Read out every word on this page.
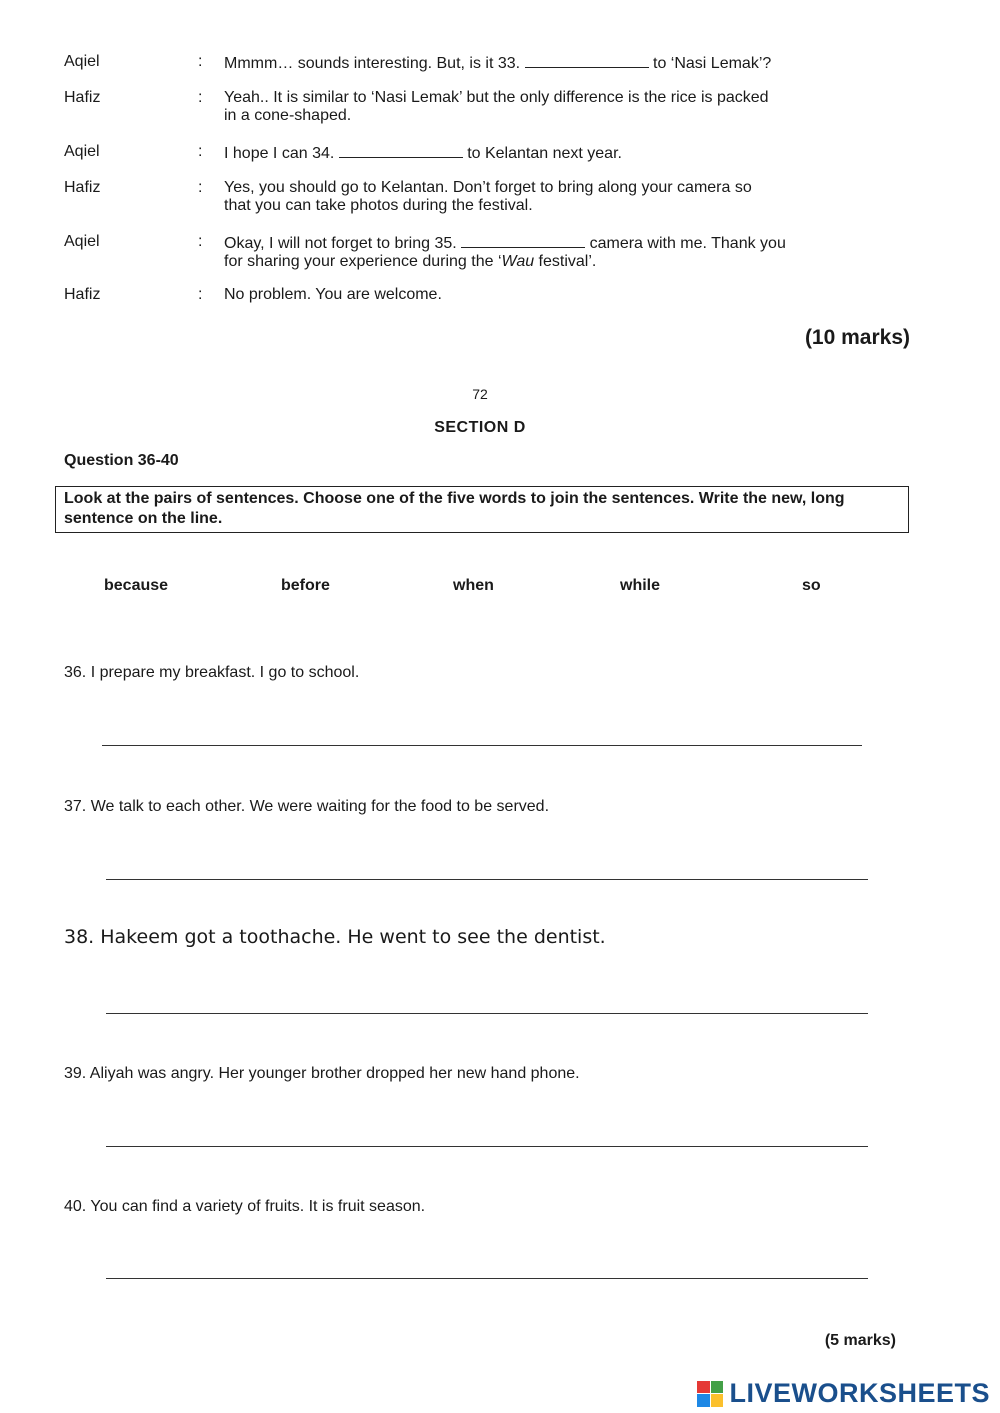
Aqiel	: Mmmm… sounds interesting. But, is it 33.	to ‘Nasi Lemak’?
Hafiz	: Yeah.. It is similar to ‘Nasi Lemak’ but the only difference is the rice is packed
in a cone-shaped.
Aqiel	: I hope I can 34.	to Kelantan next year.
Hafiz	: Yes, you should go to Kelantan. Don’t forget to bring along your camera so
that you can take photos during the festival.
Aqiel	: Okay, I will not forget to bring 35.	camera with me. Thank you
for sharing your experience during the ‘Wau festival’.
Hafiz	: No problem. You are welcome.
(10 marks)
72
SECTION D
Question 36-40
Look at the pairs of sentences. Choose one of the five words to join the sentences. Write the new, long sentence on the line.
because	before	when	while	so
36. I prepare my breakfast. I go to school.
37. We talk to each other. We were waiting for the food to be served.
38. Hakeem got a toothache. He went to see the dentist.
39. Aliyah was angry. Her younger brother dropped her new hand phone.
40. You can find a variety of fruits. It is fruit season.
(5 marks)
LIVEWORKSHEETS
